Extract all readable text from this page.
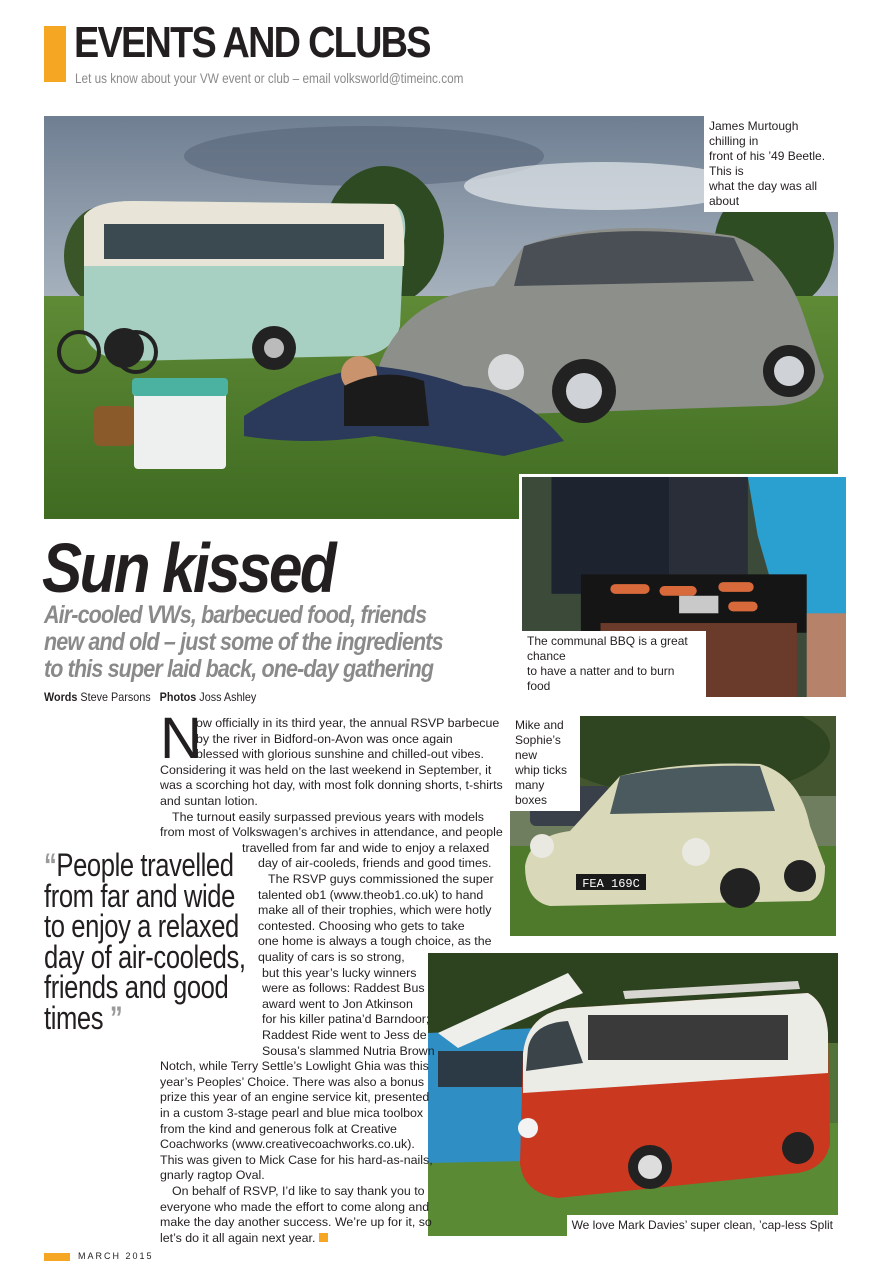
EVENTS AND CLUBS
Let us know about your VW event or club – email volksworld@timeinc.com
James Murtough chilling in
front of his ’49 Beetle. This is
what the day was all about
The communal BBQ is a great chance
to have a natter and to burn food
FEA 169C
Mike and
Sophie’s new
whip ticks
many boxes
We love Mark Davies’ super clean, ’cap-less Split
Sun kissed
Air-cooled VWs, barbecued food, friends new and old – just some of the ingredients to this super laid back, one-day gathering
Words Steve Parsons Photos Joss Ashley
N
ow officially in its third year, the annual RSVP barbecue
by the river in Bidford-on-Avon was once again
blessed with glorious sunshine and chilled-out vibes.
Considering it was held on the last weekend in September, it
was a scorching hot day, with most folk donning shorts, t-shirts
and suntan lotion.
The turnout easily surpassed previous years with models
from most of Volkswagen’s archives in attendance, and people
travelled from far and wide to enjoy a relaxed
day of air-cooleds, friends and good times.
The RSVP guys commissioned the super
talented ob1 (www.theob1.co.uk) to hand
make all of their trophies, which were hotly
contested. Choosing who gets to take
one home is always a tough choice, as the
quality of cars is so strong,
but this year’s lucky winners
were as follows: Raddest Bus
award went to Jon Atkinson
for his killer patina’d Barndoor;
Raddest Ride went to Jess de
Sousa’s slammed Nutria Brown
Notch, while Terry Settle’s Lowlight Ghia was this
year’s Peoples’ Choice. There was also a bonus
prize this year of an engine service kit, presented
in a custom 3-stage pearl and blue mica toolbox
from the kind and generous folk at Creative
Coachworks (www.creativecoachworks.co.uk).
This was given to Mick Case for his hard-as-nails,
gnarly ragtop Oval.
On behalf of RSVP, I’d like to say thank you to
everyone who made the effort to come along and
make the day another success. We’re up for it, so
let’s do it all again next year.
“People travelled from far and wide to enjoy a relaxed day of air-cooleds, friends and good times ”
MARCH 2015
